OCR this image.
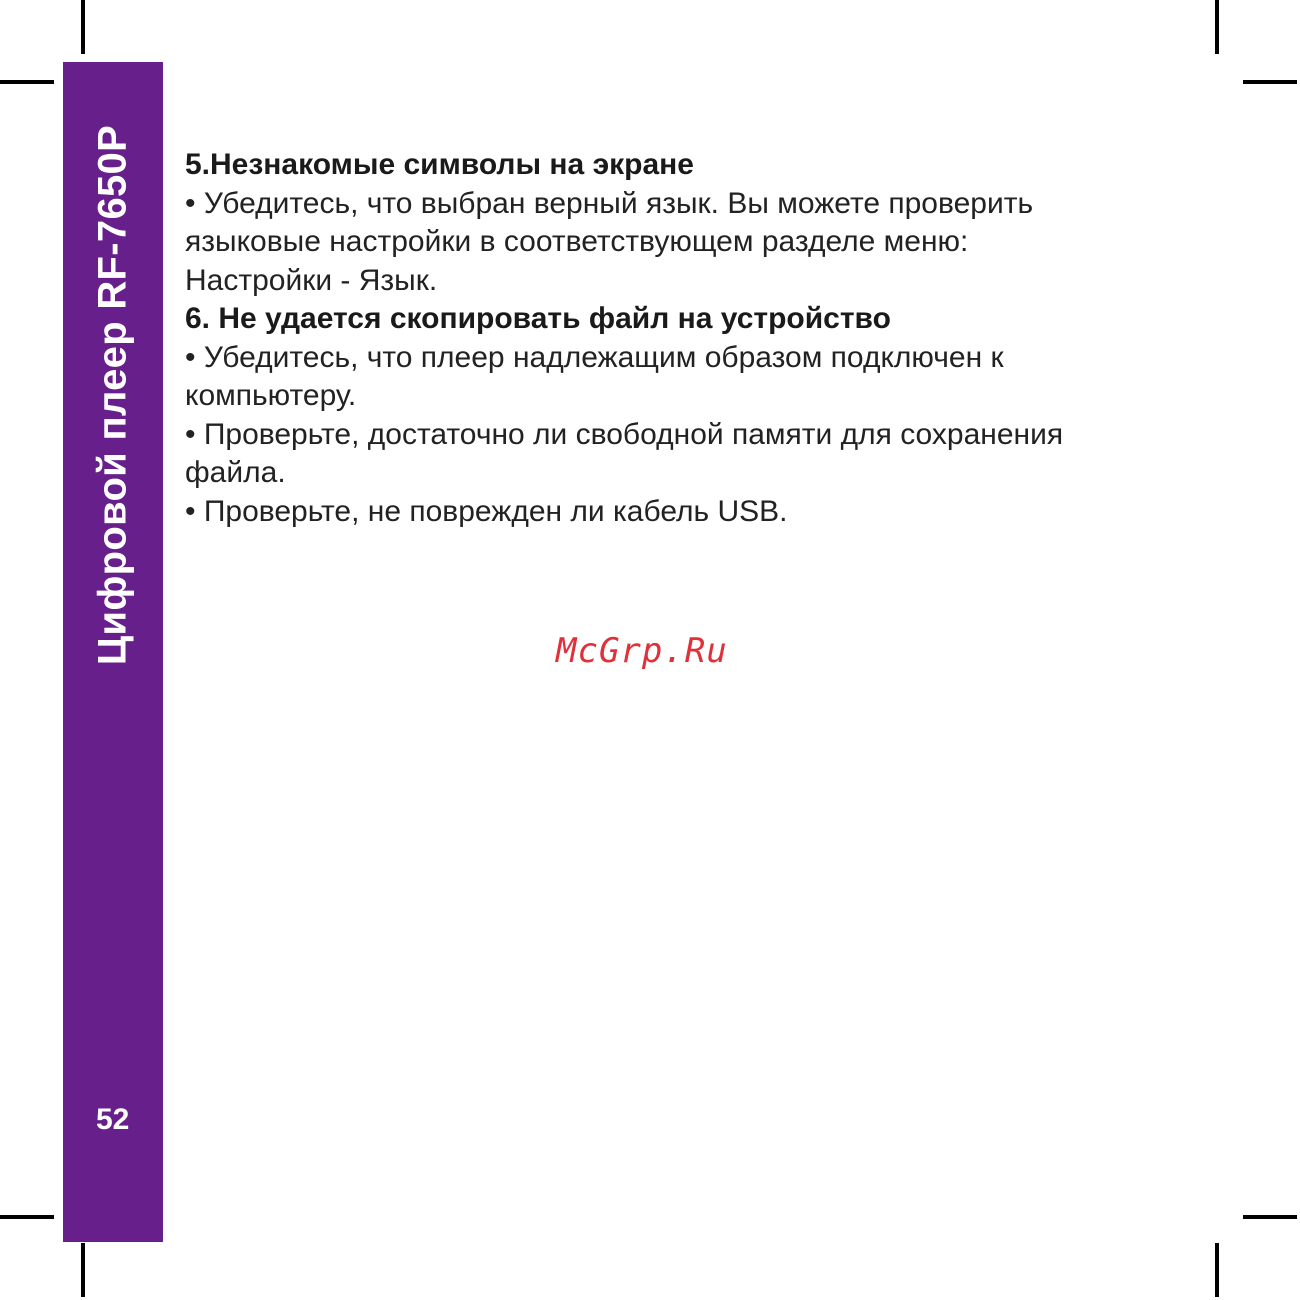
Цифровой плеер RF-7650P
52

5.Незнакомые символы на экране

• Убедитесь, что выбран верный язык. Вы можете проверить

языковые настройки в соответствующем разделе меню:

Настройки - Язык.

6. Не удается скопировать файл на устройство

• Убедитесь, что плеер надлежащим образом подключен к

компьютеру.

• Проверьте, достаточно ли свободной памяти для сохранения

файла.

• Проверьте, не поврежден ли кабель USB.

McGrp.Ru
